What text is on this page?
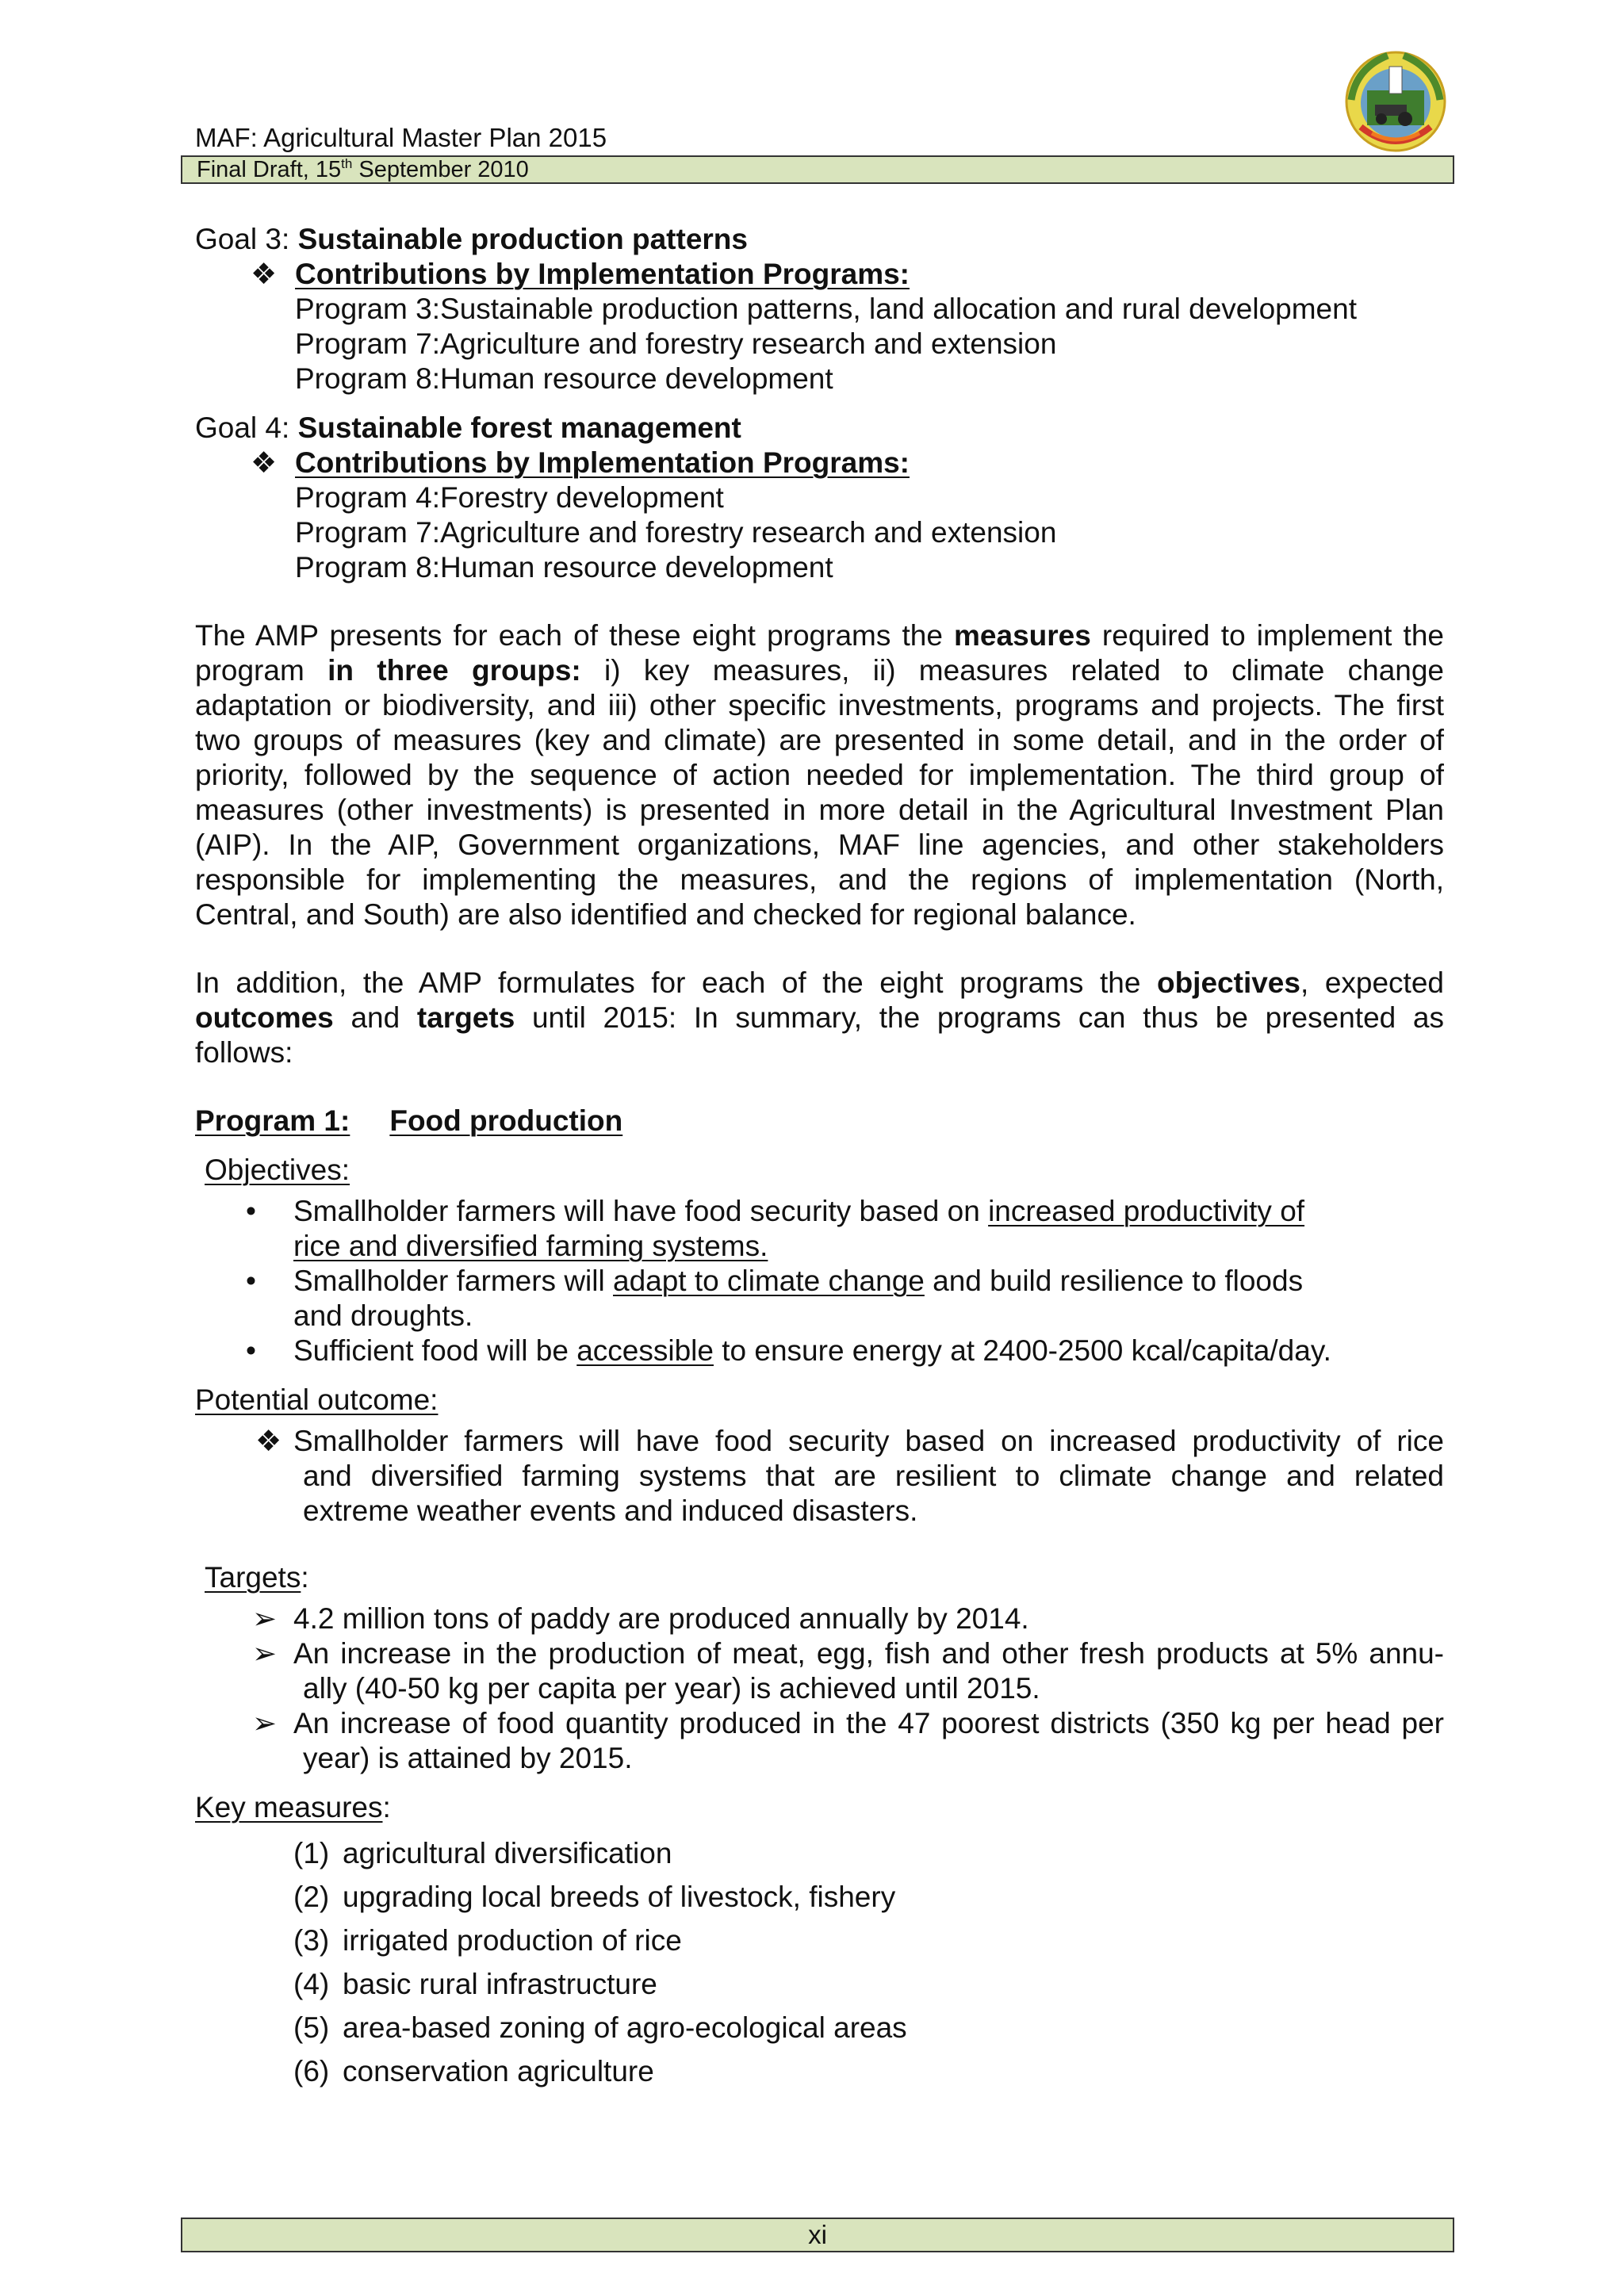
MAF: Agricultural Master Plan 2015
Final Draft, 15th September 2010
Goal 3: Sustainable production patterns
❖ Contributions by Implementation Programs:
Program 3:Sustainable production patterns, land allocation and rural development
Program 7:Agriculture and forestry research and extension
Program 8:Human resource development
Goal 4: Sustainable forest management
❖ Contributions by Implementation Programs:
Program 4:Forestry development
Program 7:Agriculture and forestry research and extension
Program 8:Human resource development
The AMP presents for each of these eight programs the measures required to implement the
program in three groups: i) key measures, ii) measures related to climate change
adaptation or biodiversity, and iii) other specific investments, programs and projects. The first
two groups of measures (key and climate) are presented in some detail, and in the order of
priority, followed by the sequence of action needed for implementation. The third group of
measures (other investments) is presented in more detail in the Agricultural Investment Plan
(AIP). In the AIP, Government organizations, MAF line agencies, and other stakeholders
responsible for implementing the measures, and the regions of implementation (North,
Central, and South) are also identified and checked for regional balance.
In addition, the AMP formulates for each of the eight programs the objectives, expected
outcomes and targets until 2015: In summary, the programs can thus be presented as
follows:
Program 1: Food production
Objectives:
• Smallholder farmers will have food security based on increased productivity of
rice and diversified farming systems.
• Smallholder farmers will adapt to climate change and build resilience to floods
and droughts.
• Sufficient food will be accessible to ensure energy at 2400-2500 kcal/capita/day.
Potential outcome:
❖ Smallholder farmers will have food security based on increased productivity of rice
and diversified farming systems that are resilient to climate change and related
extreme weather events and induced disasters.
Targets:
➢ 4.2 million tons of paddy are produced annually by 2014.
➢ An increase in the production of meat, egg, fish and other fresh products at 5% annu-
ally (40-50 kg per capita per year) is achieved until 2015.
➢ An increase of food quantity produced in the 47 poorest districts (350 kg per head per
year) is attained by 2015.
Key measures:
(1) agricultural diversification
(2) upgrading local breeds of livestock, fishery
(3) irrigated production of rice
(4) basic rural infrastructure
(5) area-based zoning of agro-ecological areas
(6) conservation agriculture
xi
